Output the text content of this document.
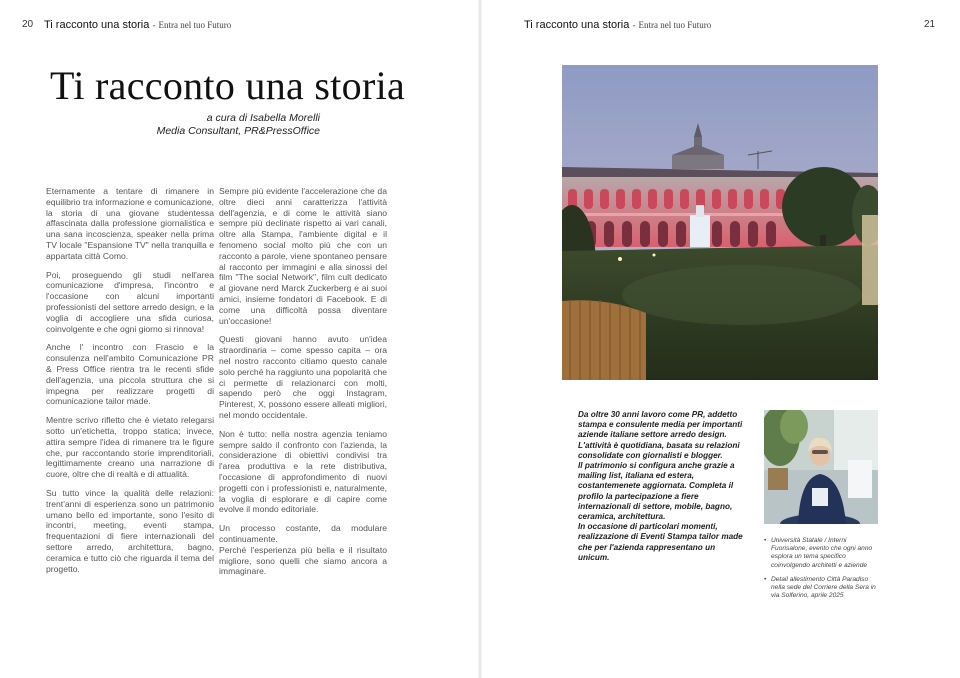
20 Ti racconto una storia - Entra nel tuo Futuro
Ti racconto una storia
a cura di Isabella Morelli
Media Consultant, PR&PressOffice

Eternamente a tentare di rimanere in equilibrio tra informazione e comunicazione, la storia di una giovane studentessa affascinata dalla professione giornalistica e una sana incoscienza, speaker nella prima TV locale "Espansione TV" nella tranquilla e appartata città Como.

Poi, proseguendo gli studi nell'area comunicazione d'impresa, l'incontro e l'occasione con alcuni importanti professionisti del settore arredo design, e la voglia di accogliere una sfida curiosa, coinvolgente e che ogni giorno si rinnova!

Anche l' incontro con Frascio e la consulenza nell'ambito Comunicazione PR & Press Office rientra tra le recenti sfide dell'agenzia, una piccola struttura che si impegna per realizzare progetti di comunicazione tailor made.

Mentre scrivo rifletto che è vietato relegarsi sotto un'etichetta, troppo statica; invece, attira sempre l'idea di rimanere tra le figure che, pur raccontando storie imprenditoriali, legittimamente creano una narrazione di cuore, oltre che di realtà e di attualità.

Su tutto vince la qualità delle relazioni: trent'anni di esperienza sono un patrimonio umano bello ed importante, sono l'esito di incontri, meeting, eventi stampa, frequentazioni di fiere internazionali del settore arredo, architettura, bagno, ceramica e tutto ciò che riguarda il tema del progetto.

Sempre più evidente l'accelerazione che da oltre dieci anni caratterizza l'attività dell'agenzia, e di come le attività siano sempre più declinate rispetto ai vari canali, oltre alla Stampa, l'ambiente digital e il fenomeno social molto più che con un racconto a parole, viene spontaneo pensare al racconto per immagini e alla sinossi del film "The social Network", film cult dedicato al giovane nerd Marck Zuckerberg e ai suoi amici, insieme fondatori di Facebook. E di come una difficoltà possa diventare un'occasione!

Questi giovani hanno avuto un'idea straordinaria – come spesso capita – ora nel nostro racconto citiamo questo canale solo perché ha raggiunto una popolarità che ci permette di relazionarci con molti, sapendo però che oggi Instagram, Pinterest, X, possono essere alleati migliori, nel mondo occidentale.

Non è tutto: nella nostra agenzia teniamo sempre saldo il confronto con l'azienda, la considerazione di obiettivi condivisi tra l'area produttiva e la rete distributiva, l'occasione di approfondimento di nuovi progetti con i professionisti e, naturalmente, la voglia di esplorare e di capire come evolve il mondo editoriale.

Un processo costante, da modulare continuamente.

Perché l'esperienza più bella e il risultato migliore, sono quelli che siamo ancora a immaginare.

Ti racconto una storia - Entra nel tuo Futuro	21

Da oltre 30 anni lavoro come PR, addetto stampa e consulente media per importanti aziende italiane settore arredo design.

L'attività è quotidiana, basata su relazioni consolidate con giornalisti e blogger.

Il patrimonio si configura anche grazie a mailing list, italiana ed estera, costantemenete aggiornata. Completa il profilo la partecipazione a fiere internazionali di settore, mobile, bagno, ceramica, architettura.

In occasione di particolari momenti, realizzazione di Eventi Stampa tailor made che per l'azienda rappresentano un unicum.

• Università Statale / Interni Fuorisalone, evento che ogni anno esplora un tema specifico coinvolgendo architetti e aziende
• Detail allestimento Città Paradiso nella sede del Corriere della Sera in via Solferino, aprile 2025
